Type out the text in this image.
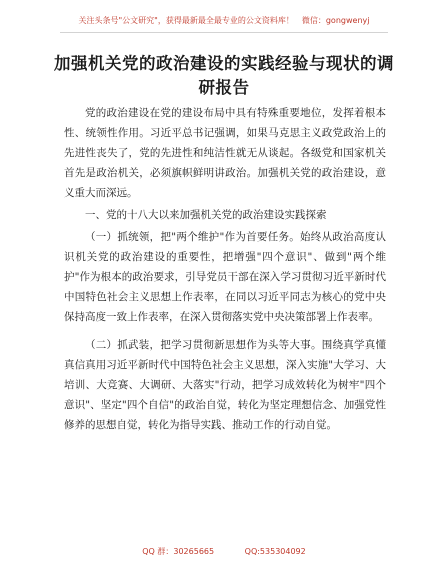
关注头条号"公文研究"，获得最新最全最专业的公文资料库！　微信：gongwenyj
加强机关党的政治建设的实践经验与现状的调研报告

党的政治建设在党的建设布局中具有特殊重要地位，发挥着根本性、统领性作用。习近平总书记强调，如果马克思主义政党政治上的先进性丧失了，党的先进性和纯洁性就无从谈起。各级党和国家机关首先是政治机关，必须旗帜鲜明讲政治。加强机关党的政治建设，意义重大而深远。

一、党的十八大以来加强机关党的政治建设实践探索

（一）抓统领，把"两个维护"作为首要任务。始终从政治高度认识机关党的政治建设的重要性，把增强"四个意识"、做到"两个维护"作为根本的政治要求，引导党员干部在深入学习贯彻习近平新时代中国特色社会主义思想上作表率，在同以习近平同志为核心的党中央保持高度一致上作表率，在深入贯彻落实党中央决策部署上作表率。

（二）抓武装，把学习贯彻新思想作为头等大事。围绕真学真懂真信真用习近平新时代中国特色社会主义思想，深入实施"大学习、大培训、大竞赛、大调研、大落实"行动，把学习成效转化为树牢"四个意识"、坚定"四个自信"的政治自觉，转化为坚定理想信念、加强党性修养的思想自觉，转化为指导实践、推动工作的行动自觉。

QQ 群：30265665	QQ:535304092
